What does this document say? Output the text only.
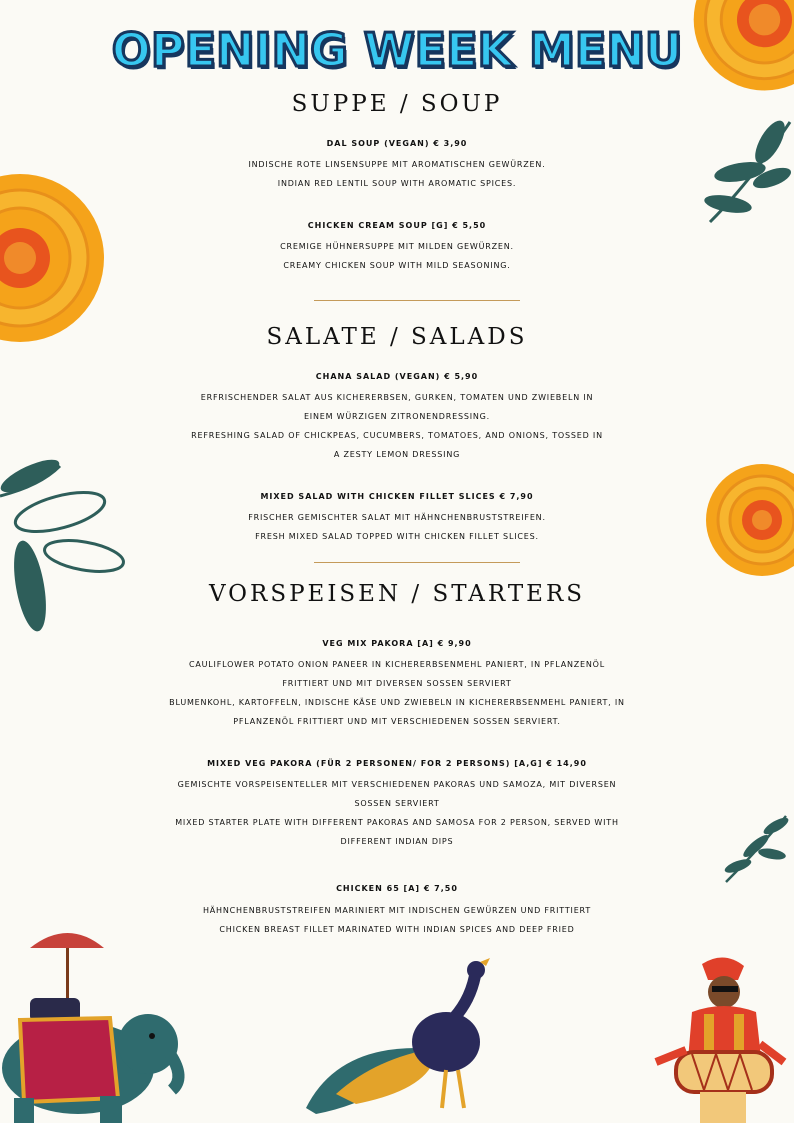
OPENING WEEK MENU
SUPPE / SOUP
DAL SOUP (VEGAN) € 3,90
INDISCHE ROTE LINSENSUPPE MIT AROMATISCHEN GEWÜRZEN.
INDIAN RED LENTIL SOUP WITH AROMATIC SPICES.
CHICKEN CREAM SOUP [G] € 5,50
CREMIGE HÜHNERSUPPE MIT MILDEN GEWÜRZEN.
CREAMY CHICKEN SOUP WITH MILD SEASONING.
SALATE / SALADS
CHANA SALAD (VEGAN) € 5,90
ERFRISCHENDER SALAT AUS KICHERERBSEN, GURKEN, TOMATEN UND ZWIEBELN IN
EINEM WÜRZIGEN ZITRONENDRESSING.
REFRESHING SALAD OF CHICKPEAS, CUCUMBERS, TOMATOES, AND ONIONS, TOSSED IN
A ZESTY LEMON DRESSING
MIXED SALAD WITH CHICKEN FILLET SLICES € 7,90
FRISCHER GEMISCHTER SALAT MIT HÄHNCHENBRUSTSTREIFEN.
FRESH MIXED SALAD TOPPED WITH CHICKEN FILLET SLICES.
VORSPEISEN / STARTERS
VEG MIX PAKORA [A] € 9,90
CAULIFLOWER POTATO ONION PANEER IN KICHERERBSENMEHL PANIERT, IN PFLANZENÖL
FRITTIERT UND MIT DIVERSEN SOSSEN SERVIERT
BLUMENKOHL, KARTOFFELN, INDISCHE KÄSE UND ZWIEBELN IN KICHERERBSENMEHL PANIERT, IN
PFLANZENÖL FRITTIERT UND MIT VERSCHIEDENEN SOSSEN SERVIERT.
MIXED VEG PAKORA (FÜR 2 PERSONEN/ FOR 2 PERSONS) [A,G] € 14,90
GEMISCHTE VORSPEISENTELLER MIT VERSCHIEDENEN PAKORAS UND SAMOZA, MIT DIVERSEN
SOSSEN SERVIERT
MIXED STARTER PLATE WITH DIFFERENT PAKORAS AND SAMOSA FOR 2 PERSON, SERVED WITH
DIFFERENT INDIAN DIPS
CHICKEN 65 [A] € 7,50
HÄHNCHENBRUSTSTREIFEN MARINIERT MIT INDISCHEN GEWÜRZEN UND FRITTIERT
CHICKEN BREAST FILLET MARINATED WITH INDIAN SPICES AND DEEP FRIED
